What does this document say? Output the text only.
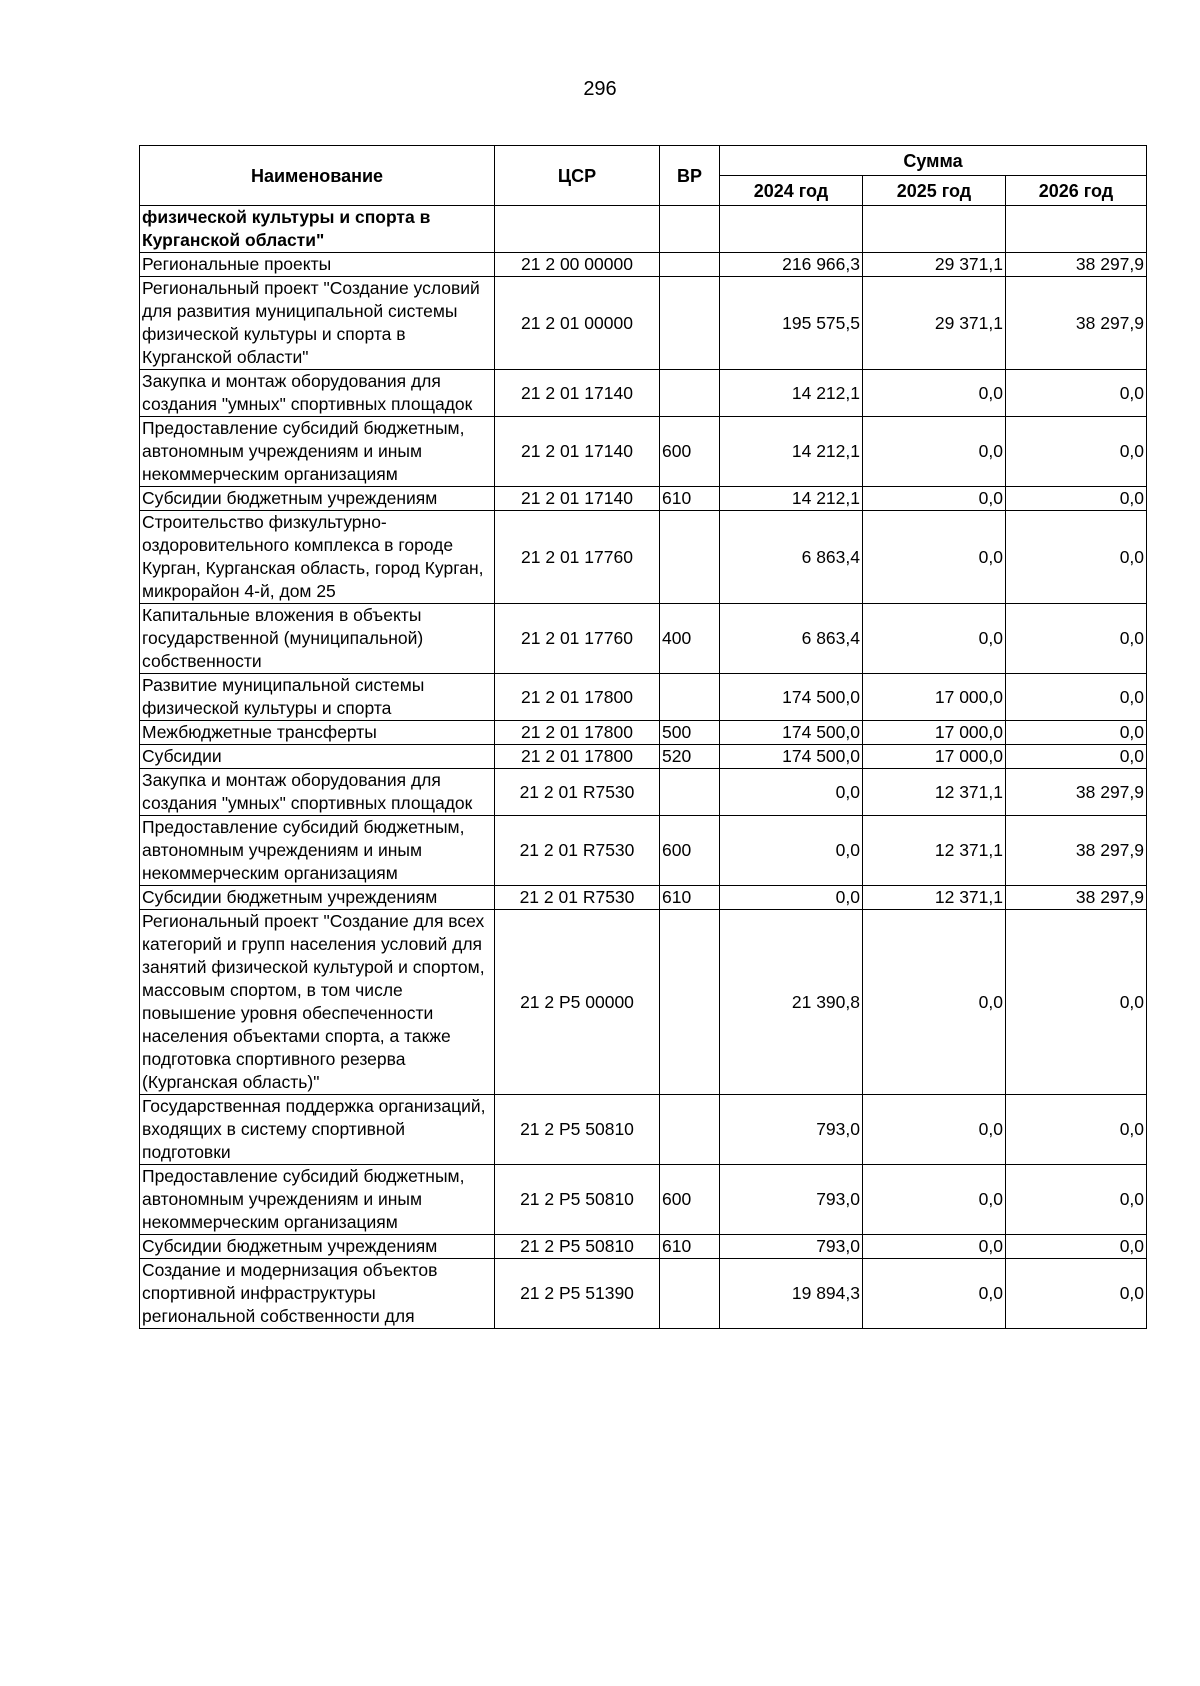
296
Наименование	ЦСР	ВР	Сумма		
			2024 год	2025 год	2026 год
физической культуры и спорта в Курганской области"					
Региональные проекты	21 2 00 00000		216 966,3	29 371,1	38 297,9
Региональный проект "Создание условий для развития муниципальной системы физической культуры и спорта в Курганской области"	21 2 01 00000		195 575,5	29 371,1	38 297,9
Закупка и монтаж оборудования для создания "умных" спортивных площадок	21 2 01 17140		14 212,1	0,0	0,0
Предоставление субсидий бюджетным, автономным учреждениям и иным некоммерческим организациям	21 2 01 17140	600	14 212,1	0,0	0,0
Субсидии бюджетным учреждениям	21 2 01 17140	610	14 212,1	0,0	0,0
Строительство физкультурно-оздоровительного комплекса в городе Курган, Курганская область, город Курган, микрорайон 4-й, дом 25	21 2 01 17760		6 863,4	0,0	0,0
Капитальные вложения в объекты государственной (муниципальной) собственности	21 2 01 17760	400	6 863,4	0,0	0,0
Развитие муниципальной системы физической культуры и спорта	21 2 01 17800		174 500,0	17 000,0	0,0
Межбюджетные трансферты	21 2 01 17800	500	174 500,0	17 000,0	0,0
Субсидии	21 2 01 17800	520	174 500,0	17 000,0	0,0
Закупка и монтаж оборудования для создания "умных" спортивных площадок	21 2 01 R7530		0,0	12 371,1	38 297,9
Предоставление субсидий бюджетным, автономным учреждениям и иным некоммерческим организациям	21 2 01 R7530	600	0,0	12 371,1	38 297,9
Субсидии бюджетным учреждениям	21 2 01 R7530	610	0,0	12 371,1	38 297,9
Региональный проект "Создание для всех категорий и групп населения условий для занятий физической культурой и спортом, массовым спортом, в том числе повышение уровня обеспеченности населения объектами спорта, а также подготовка спортивного резерва (Курганская область)"	21 2 P5 00000		21 390,8	0,0	0,0
Государственная поддержка организаций, входящих в систему спортивной подготовки	21 2 P5 50810		793,0	0,0	0,0
Предоставление субсидий бюджетным, автономным учреждениям и иным некоммерческим организациям	21 2 P5 50810	600	793,0	0,0	0,0
Субсидии бюджетным учреждениям	21 2 P5 50810	610	793,0	0,0	0,0
Создание и модернизация объектов спортивной инфраструктуры региональной собственности для	21 2 P5 51390		19 894,3	0,0	0,0
